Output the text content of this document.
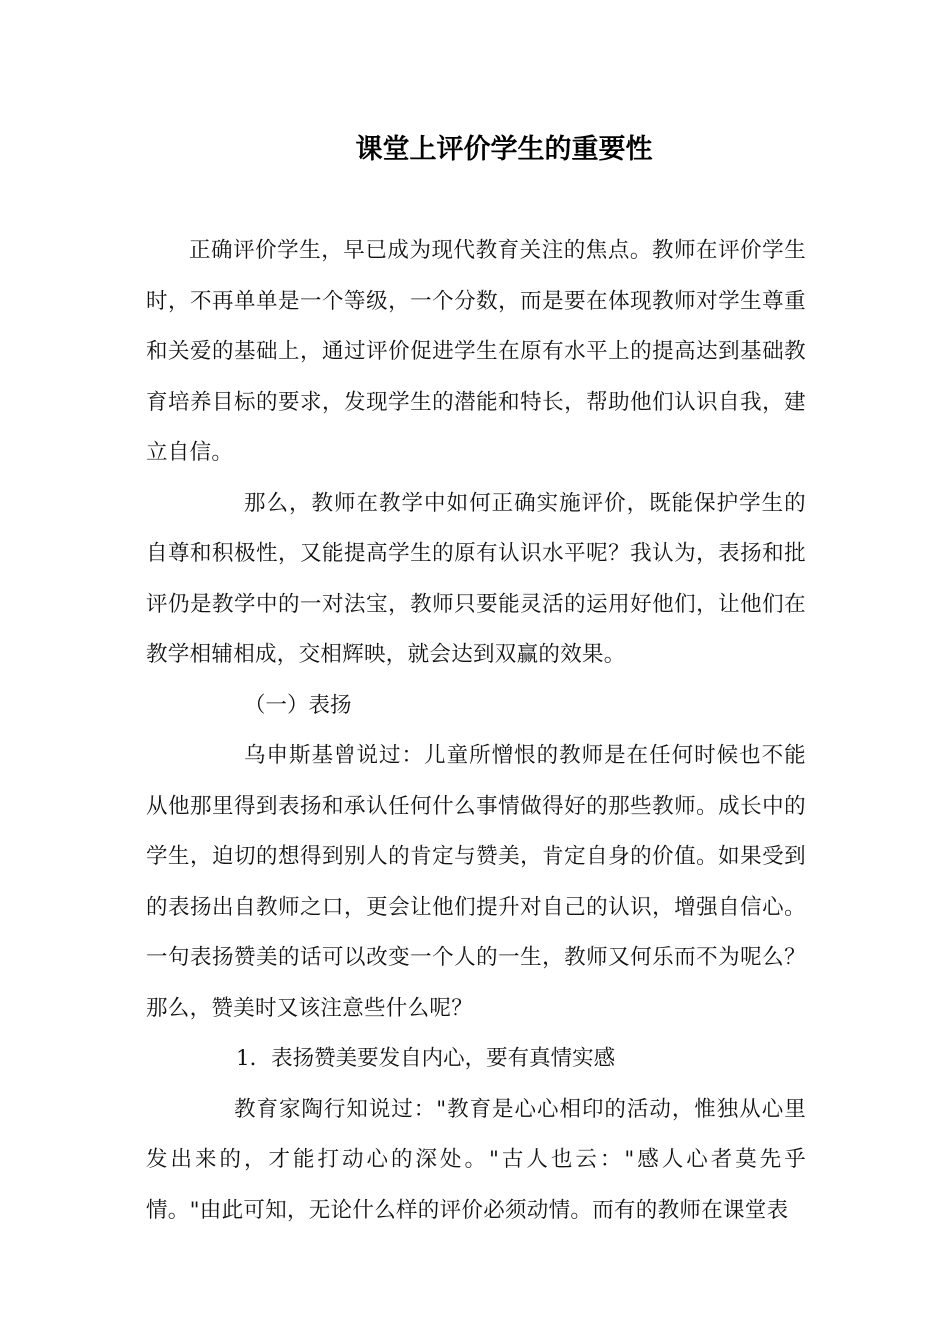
课堂上评价学生的重要性

正确评价学生，早已成为现代教育关注的焦点。教师在评价学生时，不再单单是一个等级，一个分数，而是要在体现教师对学生尊重和关爱的基础上，通过评价促进学生在原有水平上的提高达到基础教育培养目标的要求，发现学生的潜能和特长，帮助他们认识自我，建立自信。

那么，教师在教学中如何正确实施评价，既能保护学生的自尊和积极性，又能提高学生的原有认识水平呢？我认为，表扬和批评仍是教学中的一对法宝，教师只要能灵活的运用好他们，让他们在教学相辅相成，交相辉映，就会达到双赢的效果。

（一）表扬

乌申斯基曾说过：儿童所憎恨的教师是在任何时候也不能从他那里得到表扬和承认任何什么事情做得好的那些教师。成长中的学生，迫切的想得到别人的肯定与赞美，肯定自身的价值。如果受到的表扬出自教师之口，更会让他们提升对自己的认识，增强自信心。一句表扬赞美的话可以改变一个人的一生，教师又何乐而不为呢么？那么，赞美时又该注意些什么呢？

1．表扬赞美要发自内心，要有真情实感

教育家陶行知说过："教育是心心相印的活动，惟独从心里发出来的，才能打动心的深处。"古人也云："感人心者莫先乎情。"由此可知，无论什么样的评价必须动情。而有的教师在课堂表
